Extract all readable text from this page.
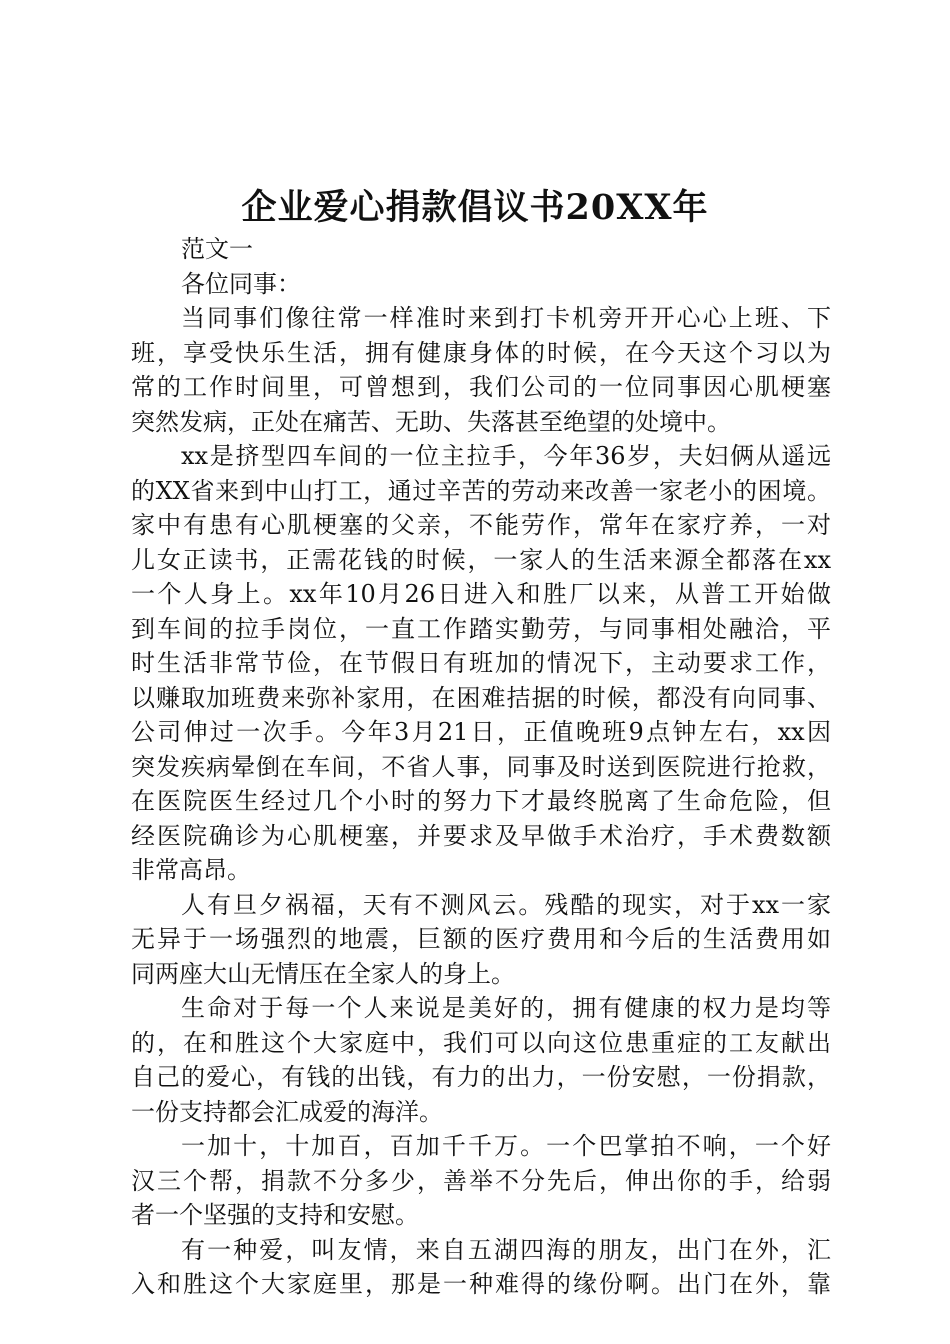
企业爱心捐款倡议书20XX年
范文一
各位同事：
当同事们像往常一样准时来到打卡机旁开开心心上班、下
班，享受快乐生活，拥有健康身体的时候，在今天这个习以为
常的工作时间里，可曾想到，我们公司的一位同事因心肌梗塞
突然发病，正处在痛苦、无助、失落甚至绝望的处境中。
xx是挤型四车间的一位主拉手，今年36岁，夫妇俩从遥远
的XX省来到中山打工，通过辛苦的劳动来改善一家老小的困境。
家中有患有心肌梗塞的父亲，不能劳作，常年在家疗养，一对
儿女正读书，正需花钱的时候，一家人的生活来源全都落在xx
一个人身上。xx年10月26日进入和胜厂以来，从普工开始做
到车间的拉手岗位，一直工作踏实勤劳，与同事相处融洽，平
时生活非常节俭，在节假日有班加的情况下，主动要求工作，
以赚取加班费来弥补家用，在困难拮据的时候，都没有向同事、
公司伸过一次手。今年3月21日，正值晚班9点钟左右，xx因
突发疾病晕倒在车间，不省人事，同事及时送到医院进行抢救，
在医院医生经过几个小时的努力下才最终脱离了生命危险，但
经医院确诊为心肌梗塞，并要求及早做手术治疗，手术费数额
非常高昂。
人有旦夕祸福，天有不测风云。残酷的现实，对于xx一家
无异于一场强烈的地震，巨额的医疗费用和今后的生活费用如
同两座大山无情压在全家人的身上。
生命对于每一个人来说是美好的，拥有健康的权力是均等
的，在和胜这个大家庭中，我们可以向这位患重症的工友献出
自己的爱心，有钱的出钱，有力的出力，一份安慰，一份捐款，
一份支持都会汇成爱的海洋。
一加十，十加百，百加千千万。一个巴掌拍不响，一个好
汉三个帮，捐款不分多少，善举不分先后，伸出你的手，给弱
者一个坚强的支持和安慰。
有一种爱，叫友情，来自五湖四海的朋友，出门在外，汇
入和胜这个大家庭里，那是一种难得的缘份啊。出门在外，靠
